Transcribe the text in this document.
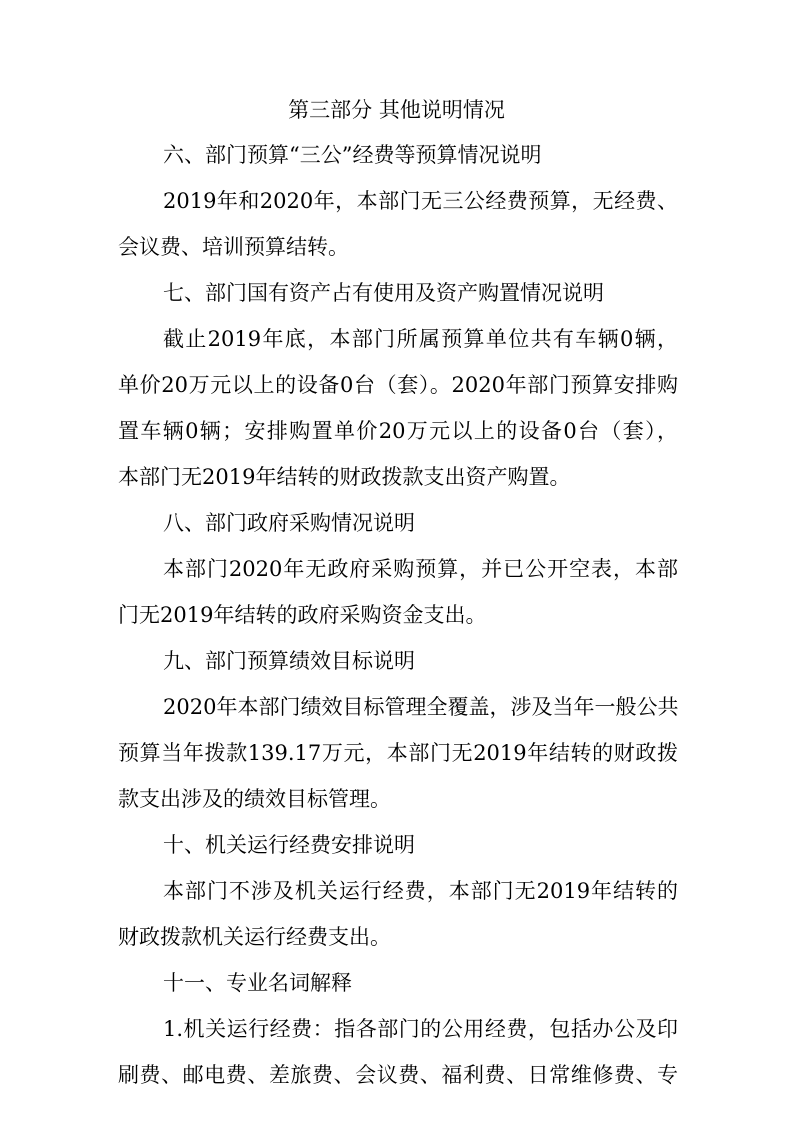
第三部分 其他说明情况
六、部门预算“三公”经费等预算情况说明
2019年和2020年，本部门无三公经费预算，无经费、
会议费、培训预算结转。
七、部门国有资产占有使用及资产购置情况说明
截止2019年底，本部门所属预算单位共有车辆0辆，
单价20万元以上的设备0台（套）。2020年部门预算安排购
置车辆0辆；安排购置单价20万元以上的设备0台（套），
本部门无2019年结转的财政拨款支出资产购置。
八、部门政府采购情况说明
本部门2020年无政府采购预算，并已公开空表，本部
门无2019年结转的政府采购资金支出。
九、部门预算绩效目标说明
2020年本部门绩效目标管理全覆盖，涉及当年一般公共
预算当年拨款139.17万元，本部门无2019年结转的财政拨
款支出涉及的绩效目标管理。
十、机关运行经费安排说明
本部门不涉及机关运行经费，本部门无2019年结转的
财政拨款机关运行经费支出。
十一、专业名词解释
1.机关运行经费：指各部门的公用经费，包括办公及印
刷费、邮电费、差旅费、会议费、福利费、日常维修费、专
